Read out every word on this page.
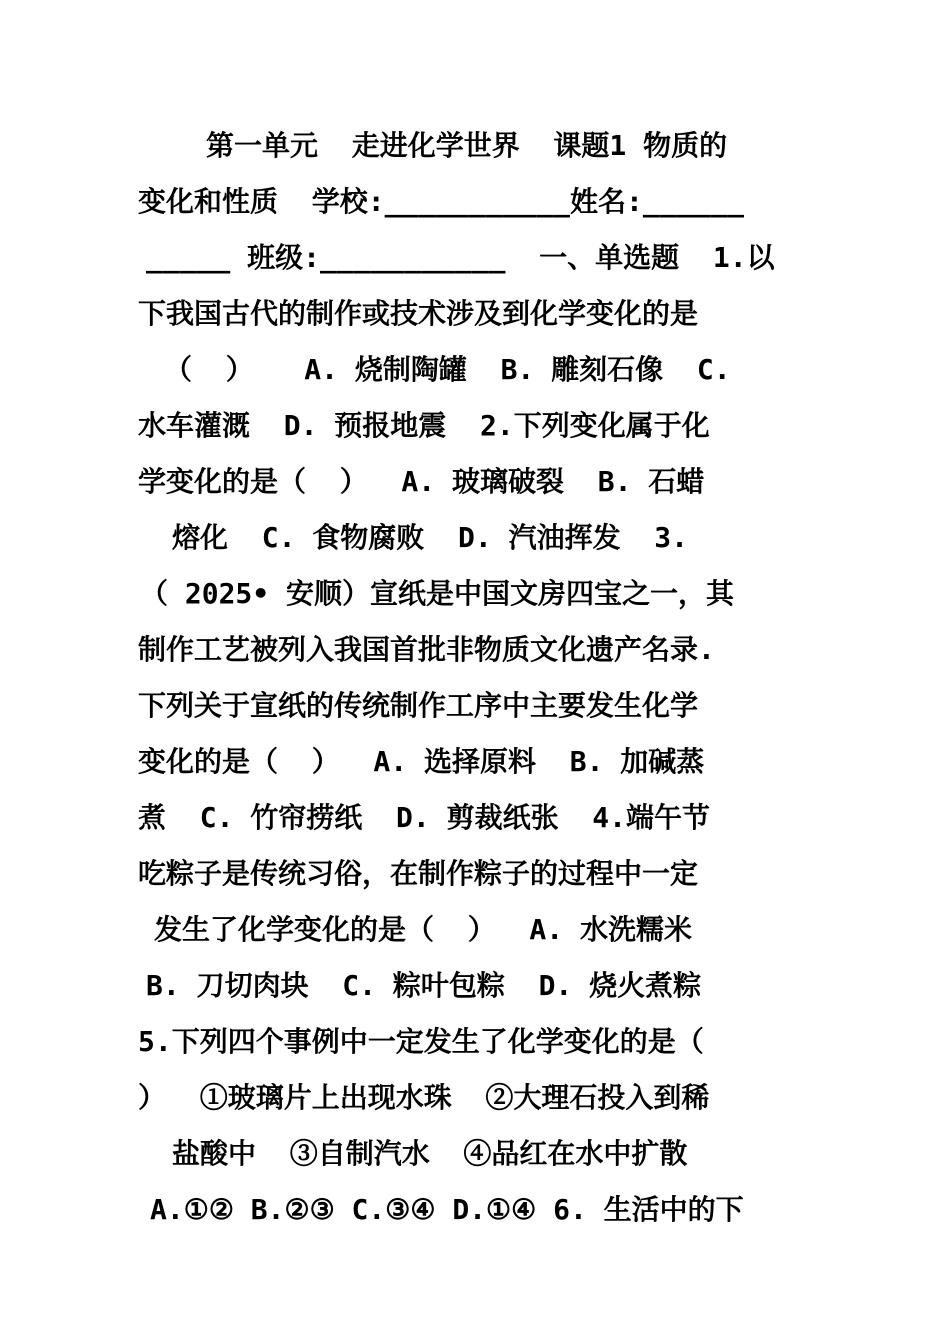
第一单元  走进化学世界  课题1 物质的
变化和性质  学校:___________姓名:______
_____ 班级:___________  一、单选题  1.以
下我国古代的制作或技术涉及到化学变化的是
（  ）   A. 烧制陶罐  B. 雕刻石像  C.
水车灌溉  D. 预报地震  2.下列变化属于化
学变化的是（  ）  A. 玻璃破裂  B. 石蜡
熔化  C. 食物腐败  D. 汽油挥发  3.
（ 2025• 安顺）宣纸是中国文房四宝之一，其
制作工艺被列入我国首批非物质文化遗产名录.
下列关于宣纸的传统制作工序中主要发生化学
变化的是（  ）  A. 选择原料  B. 加碱蒸
煮  C. 竹帘捞纸  D. 剪裁纸张  4.端午节
吃粽子是传统习俗，在制作粽子的过程中一定
发生了化学变化的是（  ）  A. 水洗糯米
B. 刀切肉块  C. 粽叶包粽  D. 烧火煮粽
5.下列四个事例中一定发生了化学变化的是（
）  ①玻璃片上出现水珠  ②大理石投入到稀
盐酸中  ③自制汽水  ④品红在水中扩散
A.①② B.②③ C.③④ D.①④ 6. 生活中的下
